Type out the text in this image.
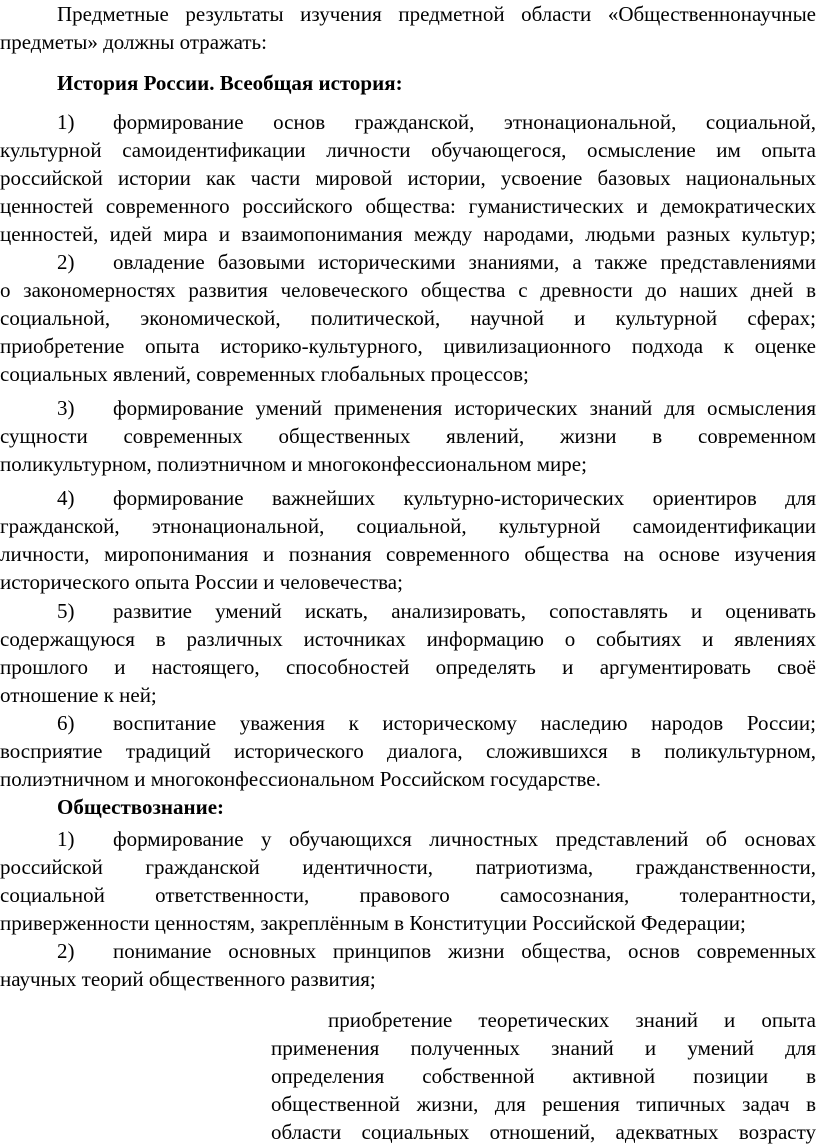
Предметные результаты изучения предметной области «Общественнонаучные
предметы» должны отражать:
История России. Всеобщая история:
1) формирование основ гражданской, этнонациональной, социальной,
культурной самоидентификации личности обучающегося, осмысление им опыта
российской истории как части мировой истории, усвоение базовых национальных
ценностей современного российского общества: гуманистических и демократических
ценностей, идей мира и взаимопонимания между народами, людьми разных культур;
2) овладение базовыми историческими знаниями, а также представлениями
о закономерностях развития человеческого общества с древности до наших дней в
социальной, экономической, политической, научной и культурной сферах;
приобретение опыта историко-культурного, цивилизационного подхода к оценке
социальных явлений, современных глобальных процессов;
3) формирование умений применения исторических знаний для осмысления
сущности современных общественных явлений, жизни в современном
поликультурном, полиэтничном и многоконфессиональном мире;
4) формирование важнейших культурно-исторических ориентиров для
гражданской, этнонациональной, социальной, культурной самоидентификации
личности, миропонимания и познания современного общества на основе изучения
исторического опыта России и человечества;
5) развитие умений искать, анализировать, сопоставлять и оценивать
содержащуюся в различных источниках информацию о событиях и явлениях
прошлого и настоящего, способностей определять и аргументировать своё
отношение к ней;
6) воспитание уважения к историческому наследию народов России;
восприятие традиций исторического диалога, сложившихся в поликультурном,
полиэтничном и многоконфессиональном Российском государстве.
Обществознание:
1) формирование у обучающихся личностных представлений об основах
российской гражданской идентичности, патриотизма, гражданственности,
социальной ответственности, правового самосознания, толерантности,
приверженности ценностям, закреплённым в Конституции Российской Федерации;
2) понимание основных принципов жизни общества, основ современных
научных теорий общественного развития;
приобретение теоретических знаний и опыта
применения полученных знаний и умений для
определения собственной активной позиции в
общественной жизни, для решения типичных задач в
области социальных отношений, адекватных возрасту
